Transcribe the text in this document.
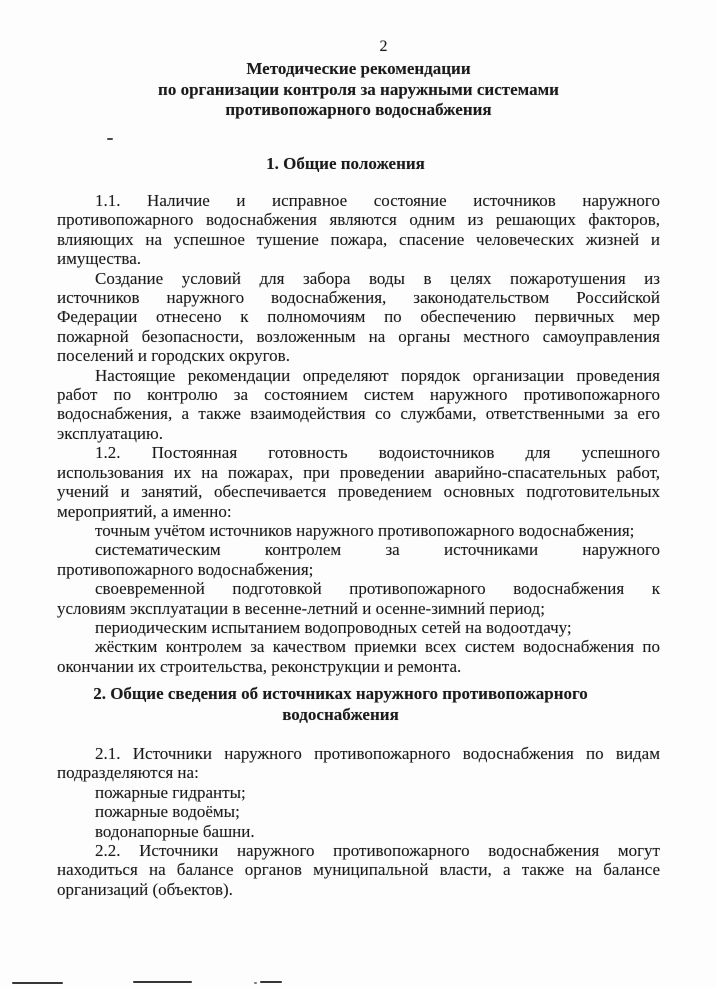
2
Методические рекомендации
по организации контроля за наружными системами
противопожарного водоснабжения
1. Общие положения
1.1. Наличие и исправное состояние источников наружного
противопожарного водоснабжения являются одним из решающих факторов,
влияющих на успешное тушение пожара, спасение человеческих жизней и
имущества.
Создание условий для забора воды в целях пожаротушения из
источников наружного водоснабжения, законодательством Российской
Федерации отнесено к полномочиям по обеспечению первичных мер
пожарной безопасности, возложенным на органы местного самоуправления
поселений и городских округов.
Настоящие рекомендации определяют порядок организации проведения
работ по контролю за состоянием систем наружного противопожарного
водоснабжения, а также взаимодействия со службами, ответственными за его
эксплуатацию.
1.2. Постоянная готовность водоисточников для успешного
использования их на пожарах, при проведении аварийно-спасательных работ,
учений и занятий, обеспечивается проведением основных подготовительных
мероприятий, а именно:
точным учётом источников наружного противопожарного водоснабжения;
систематическим контролем за источниками наружного
противопожарного водоснабжения;
своевременной подготовкой противопожарного водоснабжения к
условиям эксплуатации в весенне-летний и осенне-зимний период;
периодическим испытанием водопроводных сетей на водоотдачу;
жёстким контролем за качеством приемки всех систем водоснабжения по
окончании их строительства, реконструкции и ремонта.
2. Общие сведения об источниках наружного противопожарного
водоснабжения
2.1. Источники наружного противопожарного водоснабжения по видам
подразделяются на:
пожарные гидранты;
пожарные водоёмы;
водонапорные башни.
2.2. Источники наружного противопожарного водоснабжения могут
находиться на балансе органов муниципальной власти, а также на балансе
организаций (объектов).
